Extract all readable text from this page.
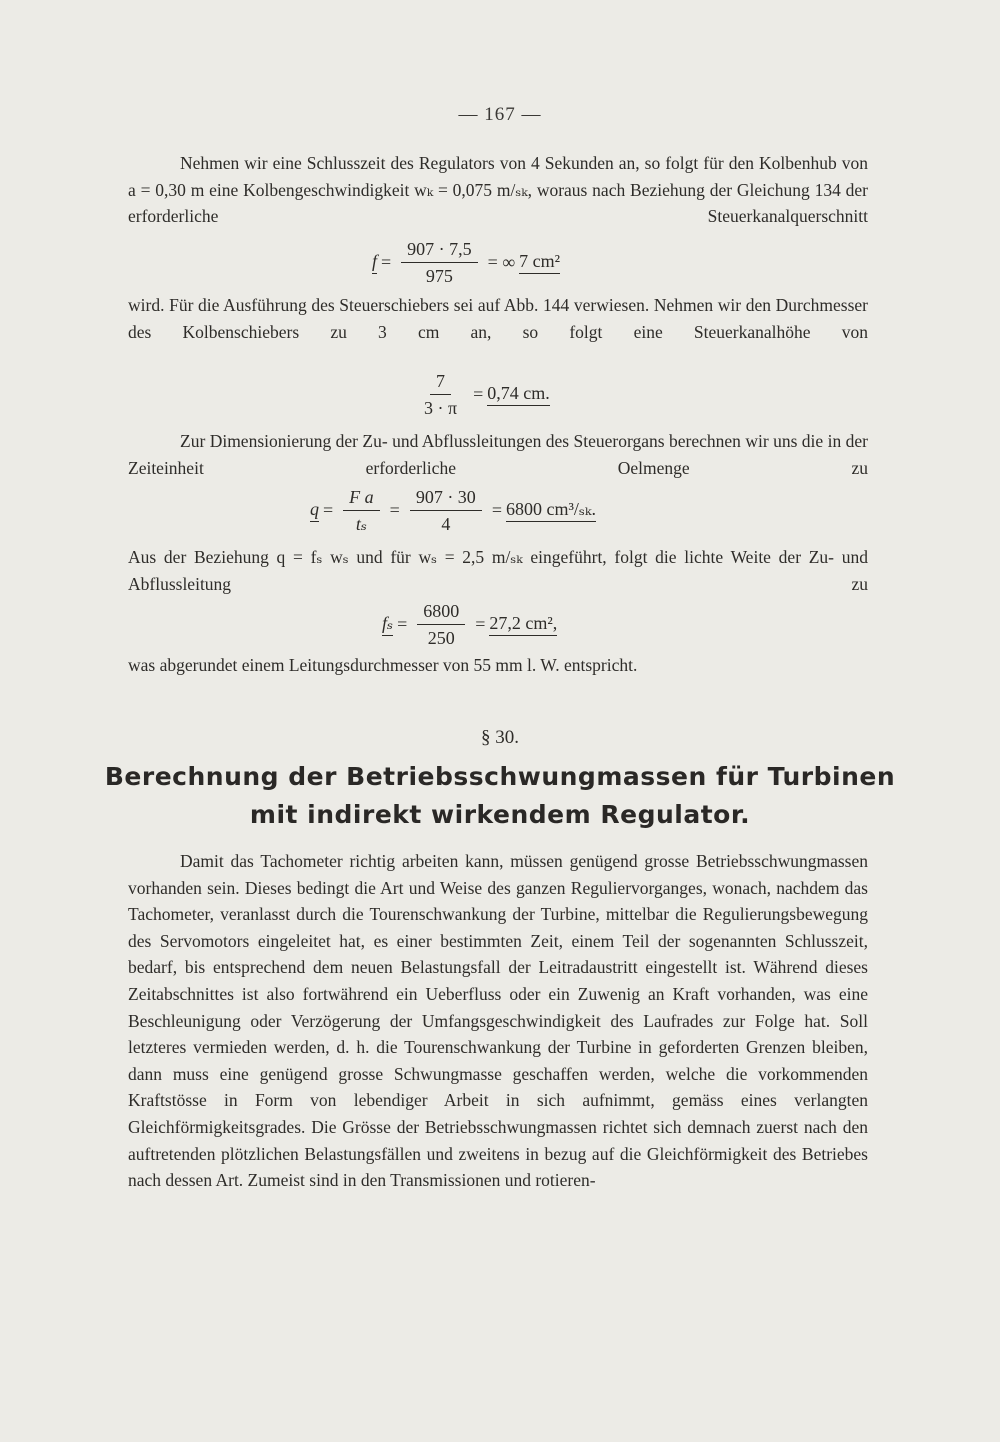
— 167 —

Nehmen wir eine Schlusszeit des Regulators von 4 Sekunden an, so folgt für den Kolbenhub von a = 0,30 m eine Kolbengeschwindigkeit wₖ = 0,075 m/ₛₖ, woraus nach Beziehung der Gleichung 134 der erforderliche Steuerkanalquerschnitt

$f = \frac{907 \cdot 7,5}{975}$ = ∞ 7 cm²

wird. Für die Ausführung des Steuerschiebers sei auf Abb. 144 verwiesen. Nehmen wir den Durchmesser des Kolbenschiebers zu 3 cm an, so folgt eine Steuerkanalhöhe von

$\frac{7}{3 \cdot \pi} = 0,74$ cm.

Zur Dimensionierung der Zu- und Abflussleitungen des Steuerorgans berechnen wir uns die in der Zeiteinheit erforderliche Oelmenge zu

$q = \frac{\text{F a}}{\text{tₛ}} = \frac{907 \cdot 30}{4} = 6800$ cm³/ₛₖ.

Aus der Beziehung q = fₛ wₛ und für wₛ = 2,5 m/ₛₖ eingeführt, folgt die lichte Weite der Zu- und Abflussleitung zu

$f_s = \frac{6800}{250} = 27,2$ cm²,

was abgerundet einem Leitungsdurchmesser von 55 mm l. W. entspricht.

§ 30.
Berechnung der Betriebsschwungmassen für Turbinen
mit indirekt wirkendem Regulator.

Damit das Tachometer richtig arbeiten kann, müssen genügend grosse Betriebsschwungmassen vorhanden sein. Dieses bedingt die Art und Weise des ganzen Reguliervorganges, wonach, nachdem das Tachometer, veranlasst durch die Tourenschwankung der Turbine, mittelbar die Regulierungsbewegung des Servomotors eingeleitet hat, es einer bestimmten Zeit, einem Teil der sogenannten Schlusszeit, bedarf, bis entsprechend dem neuen Belastungsfall der Leitradaustritt eingestellt ist. Während dieses Zeitabschnittes ist also fortwährend ein Ueberfluss oder ein Zuwenig an Kraft vorhanden, was eine Beschleunigung oder Verzögerung der Umfangsgeschwindigkeit des Laufrades zur Folge hat. Soll letzteres vermieden werden, d. h. die Tourenschwankung der Turbine in geforderten Grenzen bleiben, dann muss eine genügend grosse Schwungmasse geschaffen werden, welche die vorkommenden Kraftstösse in Form von lebendiger Arbeit in sich aufnimmt, gemäss eines verlangten Gleichförmigkeitsgrades. Die Grösse der Betriebsschwungmassen richtet sich demnach zuerst nach den auftretenden plötzlichen Belastungsfällen und zweitens in bezug auf die Gleichförmigkeit des Betriebes nach dessen Art. Zumeist sind in den Transmissionen und rotieren-
